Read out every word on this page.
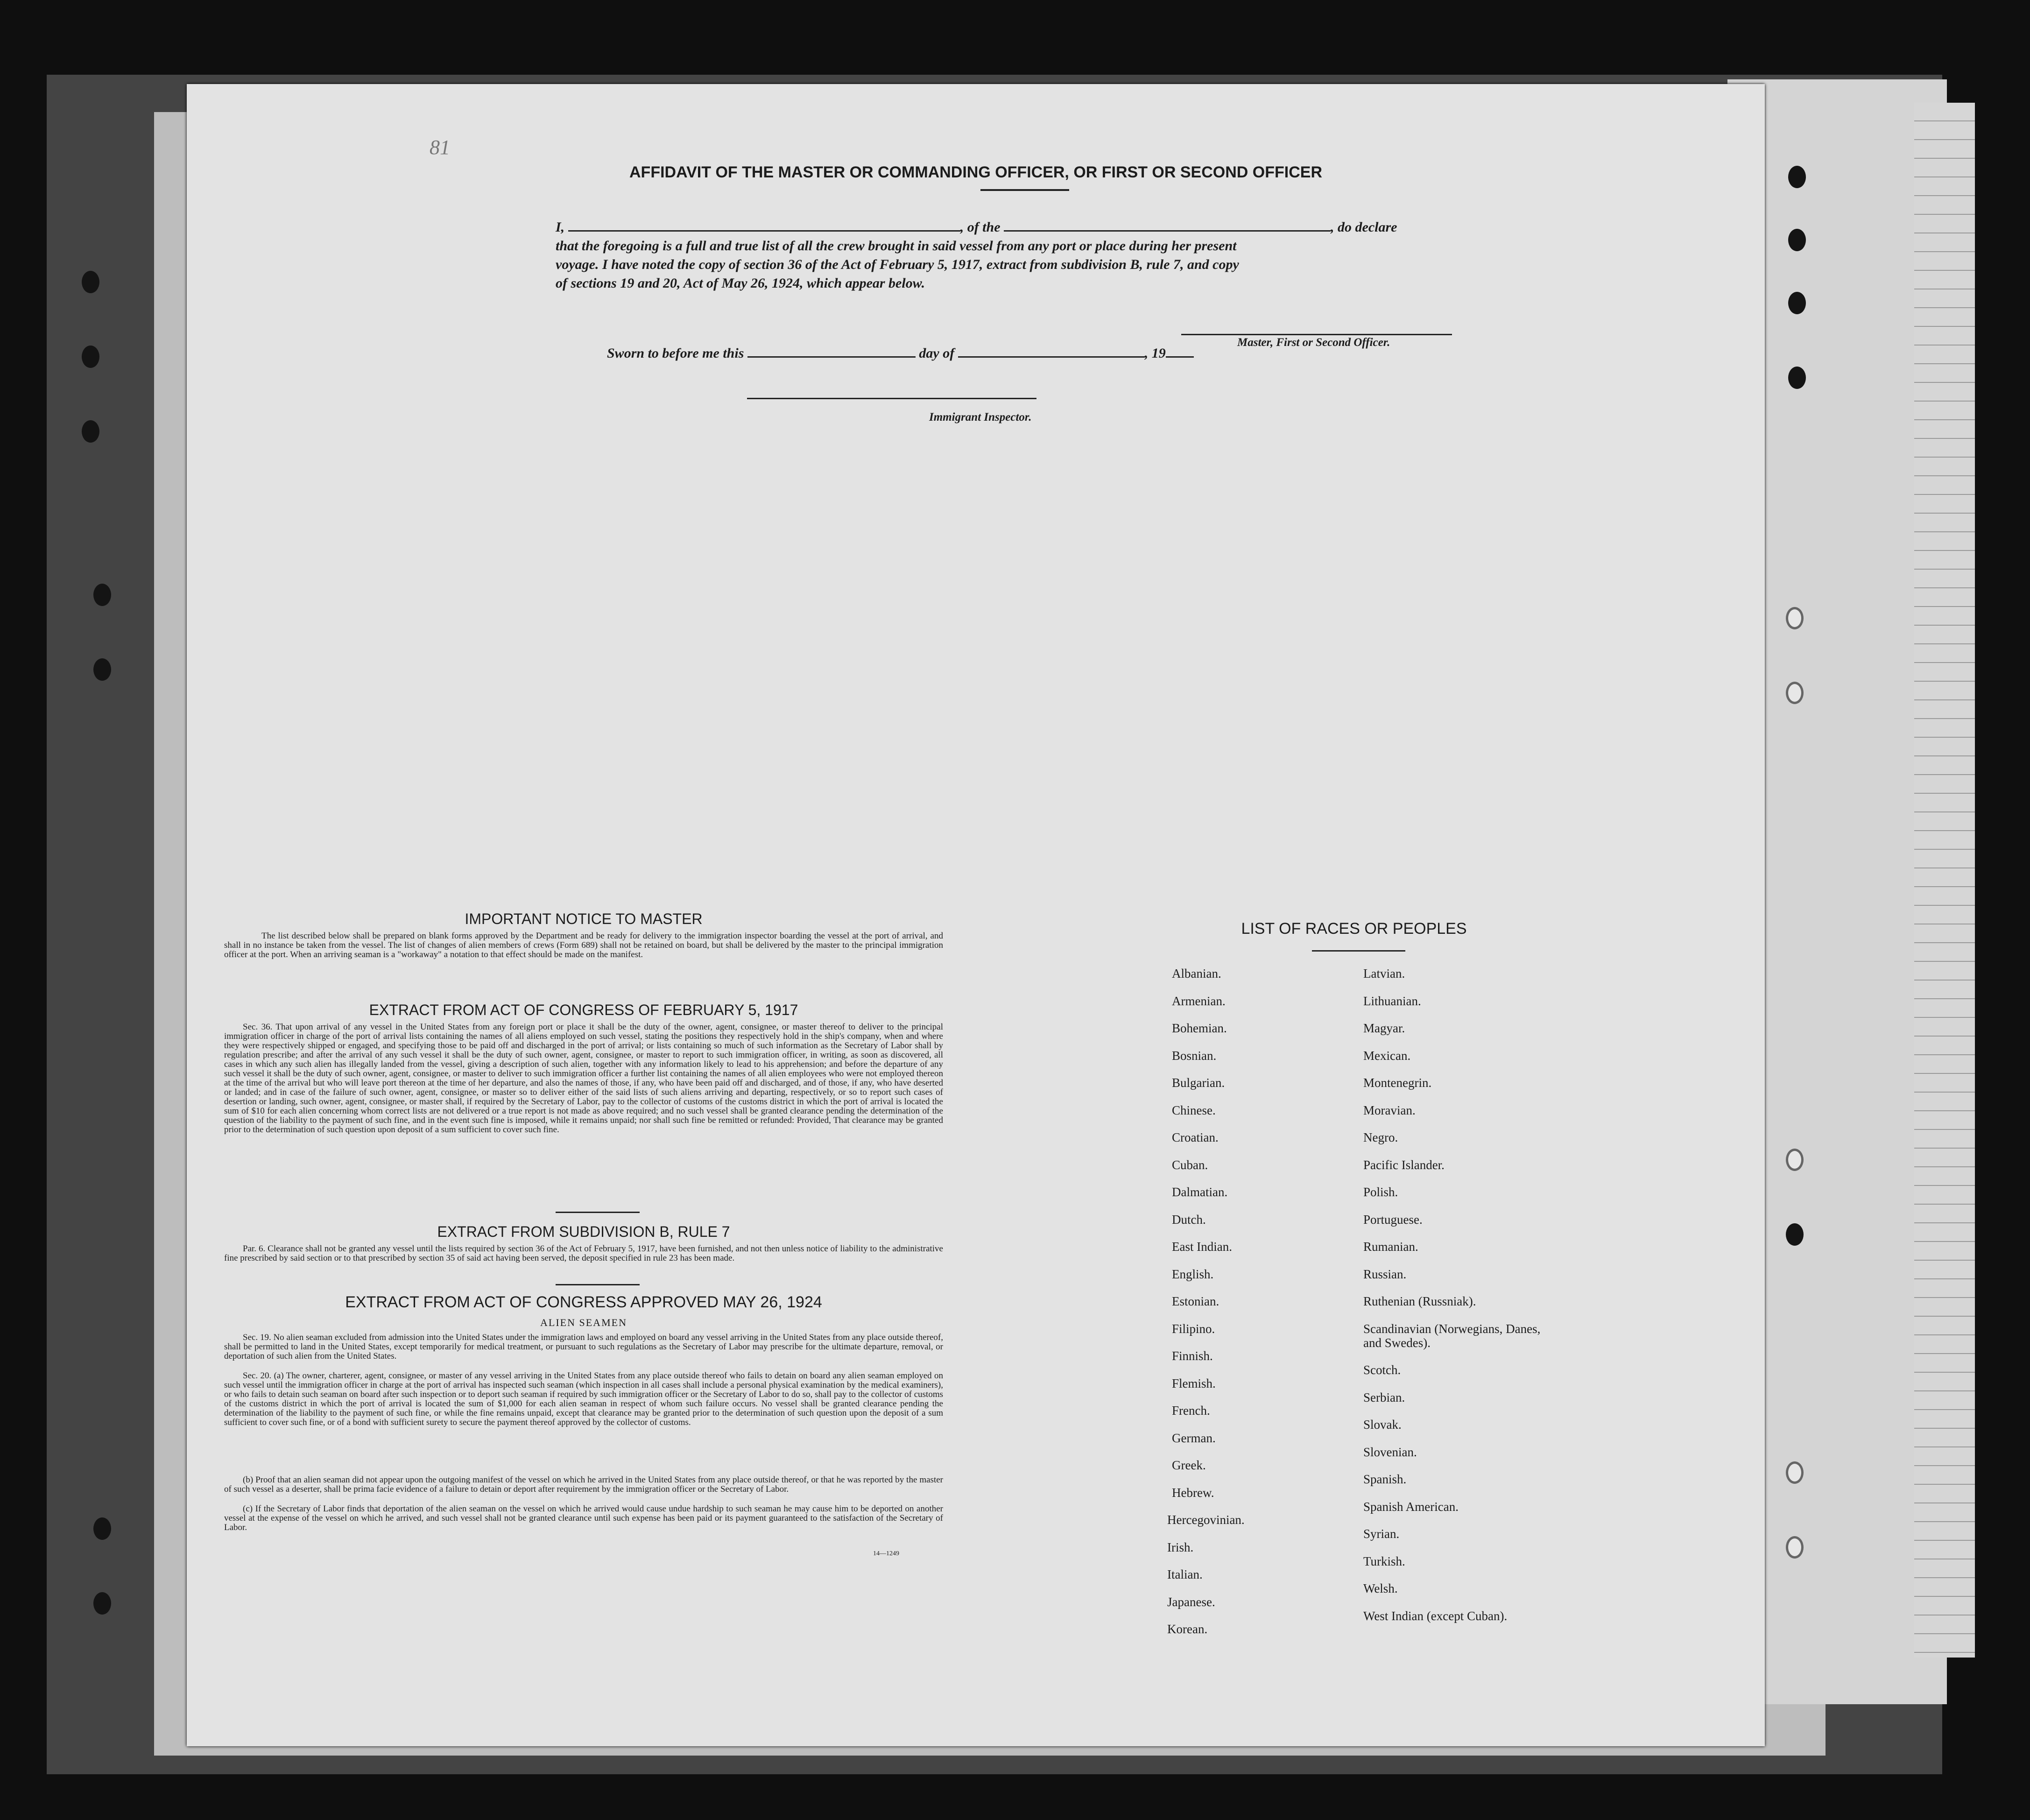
81
AFFIDAVIT OF THE MASTER OR COMMANDING OFFICER, OR FIRST OR SECOND OFFICER
I,	, of the	, do declare
that the foregoing is a full and true list of all the crew brought in said vessel from any port or place during her present
voyage. I have noted the copy of section 36 of the Act of February 5, 1917, extract from subdivision B, rule 7, and copy
of sections 19 and 20, Act of May 26, 1924, which appear below.
Master, First or Second Officer.
Sworn to before me this	day of	, 19
Immigrant Inspector.
IMPORTANT NOTICE TO MASTER
The list described below shall be prepared on blank forms approved by the Department and be ready for delivery to the immigration inspector boarding the vessel at the port of arrival, and shall in no instance be taken from the vessel. The list of changes of alien members of crews (Form 689) shall not be retained on board, but shall be delivered by the master to the principal immigration officer at the port. When an arriving seaman is a "workaway" a notation to that effect should be made on the manifest.
EXTRACT FROM ACT OF CONGRESS OF FEBRUARY 5, 1917
Sec. 36. That upon arrival of any vessel in the United States from any foreign port or place it shall be the duty of the owner, agent, consignee, or master thereof to deliver to the principal immigration officer in charge of the port of arrival lists containing the names of all aliens employed on such vessel, stating the positions they respectively hold in the ship's company, when and where they were respectively shipped or engaged, and specifying those to be paid off and discharged in the port of arrival; or lists containing so much of such information as the Secretary of Labor shall by regulation prescribe; and after the arrival of any such vessel it shall be the duty of such owner, agent, consignee, or master to report to such immigration officer, in writing, as soon as discovered, all cases in which any such alien has illegally landed from the vessel, giving a description of such alien, together with any information likely to lead to his apprehension; and before the departure of any such vessel it shall be the duty of such owner, agent, consignee, or master to deliver to such immigration officer a further list containing the names of all alien employees who were not employed thereon at the time of the arrival but who will leave port thereon at the time of her departure, and also the names of those, if any, who have been paid off and discharged, and of those, if any, who have deserted or landed; and in case of the failure of such owner, agent, consignee, or master so to deliver either of the said lists of such aliens arriving and departing, respectively, or so to report such cases of desertion or landing, such owner, agent, consignee, or master shall, if required by the Secretary of Labor, pay to the collector of customs of the customs district in which the port of arrival is located the sum of $10 for each alien concerning whom correct lists are not delivered or a true report is not made as above required; and no such vessel shall be granted clearance pending the determination of the question of the liability to the payment of such fine, and in the event such fine is imposed, while it remains unpaid; nor shall such fine be remitted or refunded: Provided, That clearance may be granted prior to the determination of such question upon deposit of a sum sufficient to cover such fine.
EXTRACT FROM SUBDIVISION B, RULE 7
Par. 6. Clearance shall not be granted any vessel until the lists required by section 36 of the Act of February 5, 1917, have been furnished, and not then unless notice of liability to the administrative fine prescribed by said section or to that prescribed by section 35 of said act having been served, the deposit specified in rule 23 has been made.
EXTRACT FROM ACT OF CONGRESS APPROVED MAY 26, 1924
ALIEN SEAMEN
Sec. 19. No alien seaman excluded from admission into the United States under the immigration laws and employed on board any vessel arriving in the United States from any place outside thereof, shall be permitted to land in the United States, except temporarily for medical treatment, or pursuant to such regulations as the Secretary of Labor may prescribe for the ultimate departure, removal, or deportation of such alien from the United States.
Sec. 20. (a) The owner, charterer, agent, consignee, or master of any vessel arriving in the United States from any place outside thereof who fails to detain on board any alien seaman employed on such vessel until the immigration officer in charge at the port of arrival has inspected such seaman (which inspection in all cases shall include a personal physical examination by the medical examiners), or who fails to detain such seaman on board after such inspection or to deport such seaman if required by such immigration officer or the Secretary of Labor to do so, shall pay to the collector of customs of the customs district in which the port of arrival is located the sum of $1,000 for each alien seaman in respect of whom such failure occurs. No vessel shall be granted clearance pending the determination of the liability to the payment of such fine, or while the fine remains unpaid, except that clearance may be granted prior to the determination of such question upon the deposit of a sum sufficient to cover such fine, or of a bond with sufficient surety to secure the payment thereof approved by the collector of customs.
(b) Proof that an alien seaman did not appear upon the outgoing manifest of the vessel on which he arrived in the United States from any place outside thereof, or that he was reported by the master of such vessel as a deserter, shall be prima facie evidence of a failure to detain or deport after requirement by the immigration officer or the Secretary of Labor.
(c) If the Secretary of Labor finds that deportation of the alien seaman on the vessel on which he arrived would cause undue hardship to such seaman he may cause him to be deported on another vessel at the expense of the vessel on which he arrived, and such vessel shall not be granted clearance until such expense has been paid or its payment guaranteed to the satisfaction of the Secretary of Labor.
14—1249
LIST OF RACES OR PEOPLES
Albanian.
Armenian.
Bohemian.
Bosnian.
Bulgarian.
Chinese.
Croatian.
Cuban.
Dalmatian.
Dutch.
East Indian.
English.
Estonian.
Filipino.
Finnish.
Flemish.
French.
German.
Greek.
Hebrew.
Hercegovinian.
Irish.
Italian.
Japanese.
Korean.
Latvian.
Lithuanian.
Magyar.
Mexican.
Montenegrin.
Moravian.
Negro.
Pacific Islander.
Polish.
Portuguese.
Rumanian.
Russian.
Ruthenian (Russniak).
Scandinavian (Norwegians, Danes, and Swedes).
Scotch.
Serbian.
Slovak.
Slovenian.
Spanish.
Spanish American.
Syrian.
Turkish.
Welsh.
West Indian (except Cuban).
